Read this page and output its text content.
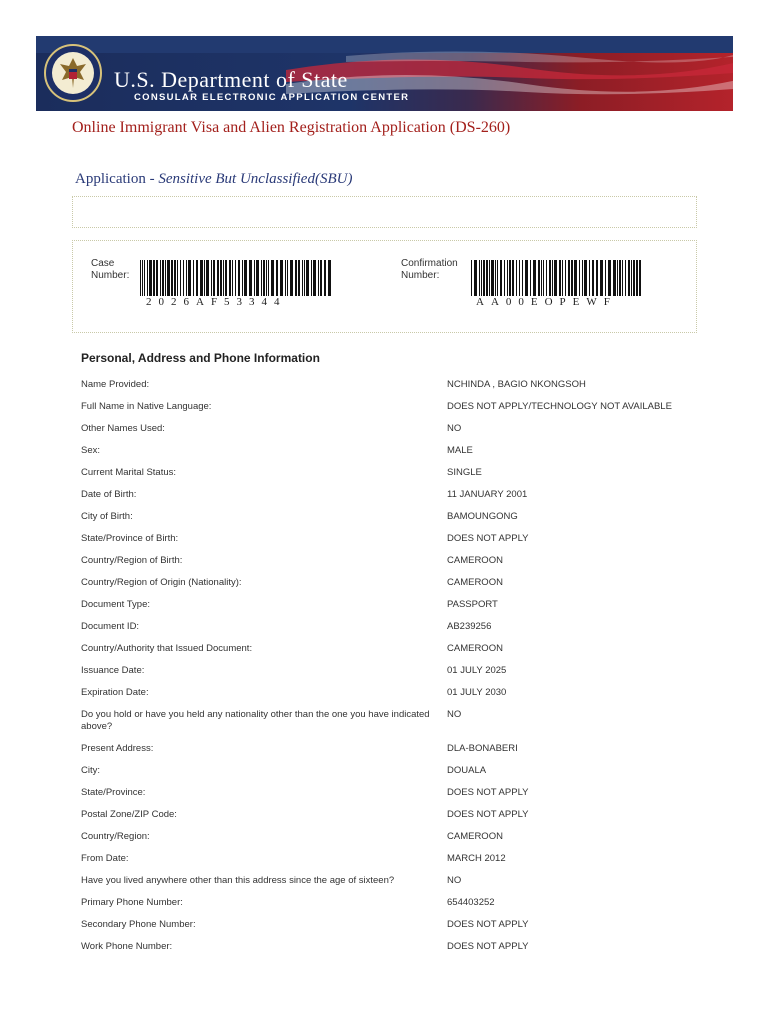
U.S. Department of State
CONSULAR ELECTRONIC APPLICATION CENTER
Online Immigrant Visa and Alien Registration Application (DS-260)
Application - Sensitive But Unclassified(SBU)
Case Number:
2026AF53344
Confirmation Number:
AA00EOPEWF
Personal, Address and Phone Information
Name Provided:	NCHINDA , BAGIO NKONGSOH
Full Name in Native Language:	DOES NOT APPLY/TECHNOLOGY NOT AVAILABLE
Other Names Used:	NO
Sex:	MALE
Current Marital Status:	SINGLE
Date of Birth:	11 JANUARY 2001
City of Birth:	BAMOUNGONG
State/Province of Birth:	DOES NOT APPLY
Country/Region of Birth:	CAMEROON
Country/Region of Origin (Nationality):	CAMEROON
Document Type:	PASSPORT
Document ID:	AB239256
Country/Authority that Issued Document:	CAMEROON
Issuance Date:	01 JULY 2025
Expiration Date:	01 JULY 2030
Do you hold or have you held any nationality other than the one you have indicated above?
NO
Present Address:	DLA-BONABERI
City:	DOUALA
State/Province:	DOES NOT APPLY
Postal Zone/ZIP Code:	DOES NOT APPLY
Country/Region:	CAMEROON
From Date:	MARCH 2012
Have you lived anywhere other than this address since the age of sixteen?	NO
Primary Phone Number:	654403252
Secondary Phone Number:	DOES NOT APPLY
Work Phone Number:	DOES NOT APPLY
